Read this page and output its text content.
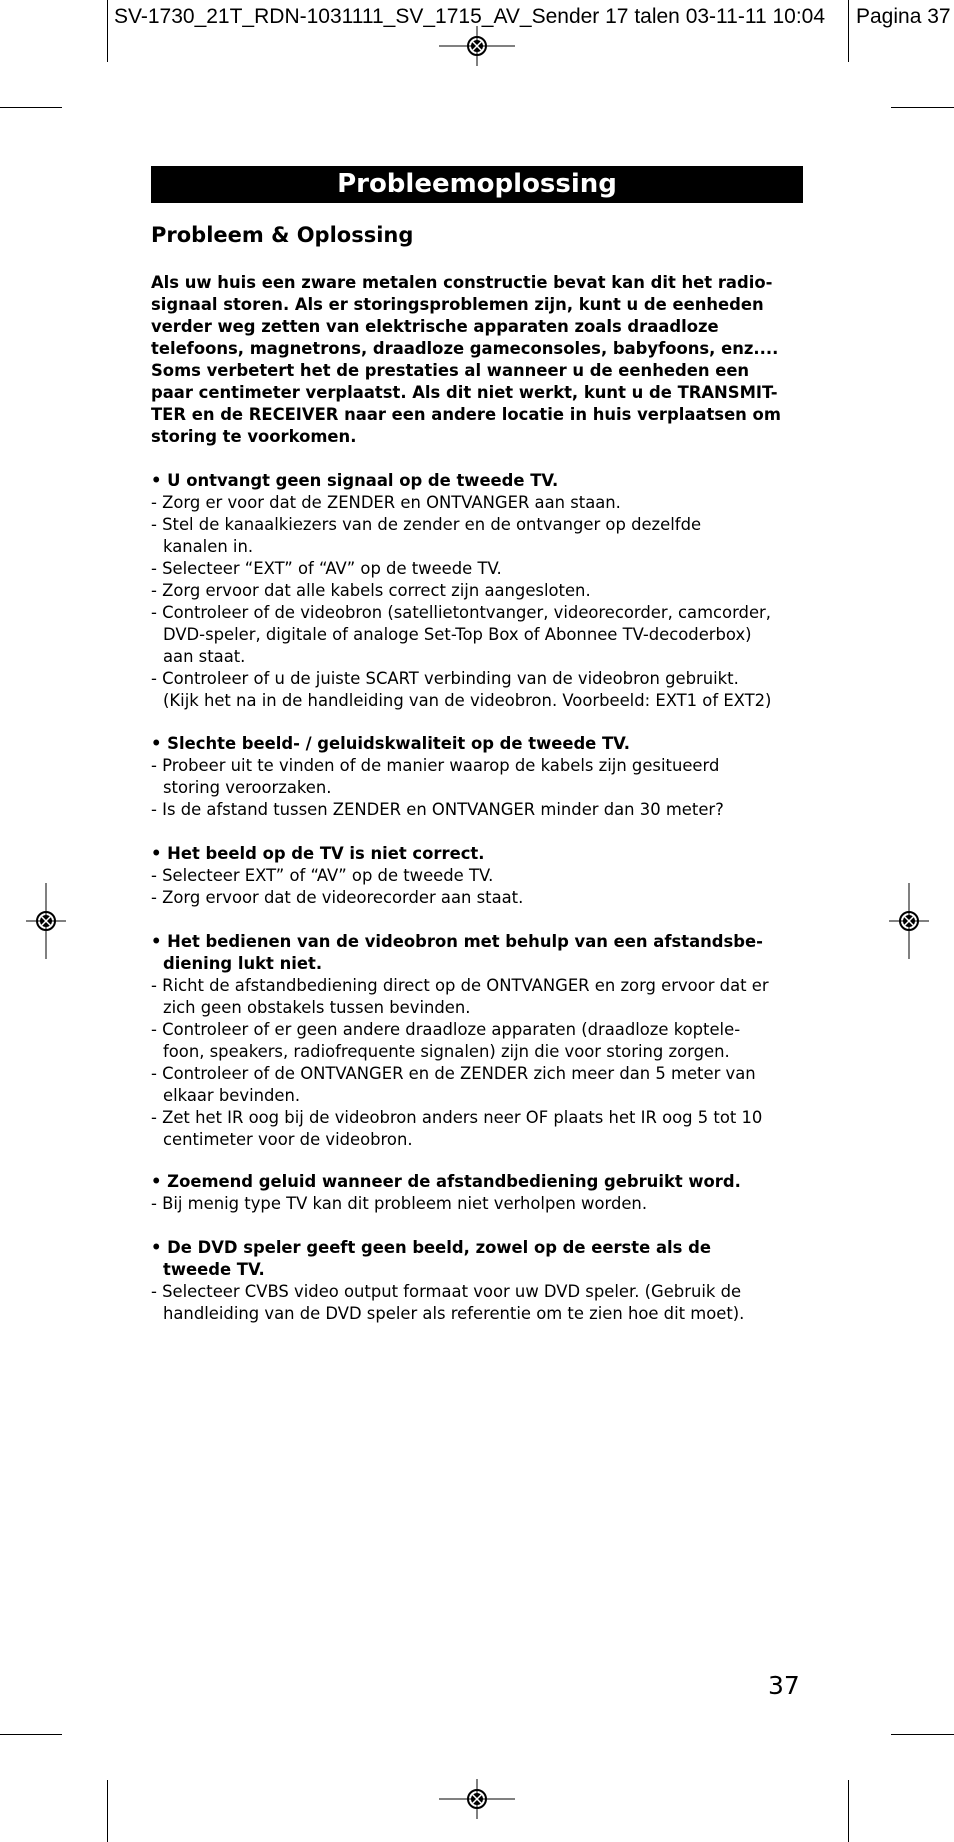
SV-1730_21T_RDN-1031111_SV_1715_AV_Sender 17 talen 03-11-11 10:04 Pagina 37
Probleemoplossing
Probleem & Oplossing
Als uw huis een zware metalen constructie bevat kan dit het radio-
signaal storen. Als er storingsproblemen zijn, kunt u de eenheden
verder weg zetten van elektrische apparaten zoals draadloze
telefoons, magnetrons, draadloze gameconsoles, babyfoons, enz....
Soms verbetert het de prestaties al wanneer u de eenheden een
paar centimeter verplaatst. Als dit niet werkt, kunt u de TRANSMIT-
TER en de RECEIVER naar een andere locatie in huis verplaatsen om
storing te voorkomen.
• U ontvangt geen signaal op de tweede TV.
- Zorg er voor dat de ZENDER en ONTVANGER aan staan.
- Stel de kanaalkiezers van de zender en de ontvanger op dezelfde
kanalen in.
- Selecteer “EXT” of “AV” op de tweede TV.
- Zorg ervoor dat alle kabels correct zijn aangesloten.
- Controleer of de videobron (satellietontvanger, videorecorder, camcorder,
DVD-speler, digitale of analoge Set-Top Box of Abonnee TV-decoderbox)
aan staat.
- Controleer of u de juiste SCART verbinding van de videobron gebruikt.
(Kijk het na in de handleiding van de videobron. Voorbeeld: EXT1 of EXT2)
• Slechte beeld- / geluidskwaliteit op de tweede TV.
- Probeer uit te vinden of de manier waarop de kabels zijn gesitueerd
storing veroorzaken.
- Is de afstand tussen ZENDER en ONTVANGER minder dan 30 meter?
• Het beeld op de TV is niet correct.
- Selecteer EXT” of “AV” op de tweede TV.
- Zorg ervoor dat de videorecorder aan staat.
• Het bedienen van de videobron met behulp van een afstandsbe-
diening lukt niet.
- Richt de afstandbediening direct op de ONTVANGER en zorg ervoor dat er
zich geen obstakels tussen bevinden.
- Controleer of er geen andere draadloze apparaten (draadloze koptele-
foon, speakers, radiofrequente signalen) zijn die voor storing zorgen.
- Controleer of de ONTVANGER en de ZENDER zich meer dan 5 meter van
elkaar bevinden.
- Zet het IR oog bij de videobron anders neer OF plaats het IR oog 5 tot 10
centimeter voor de videobron.
• Zoemend geluid wanneer de afstandbediening gebruikt word.
- Bij menig type TV kan dit probleem niet verholpen worden.
• De DVD speler geeft geen beeld, zowel op de eerste als de
tweede TV.
- Selecteer CVBS video output formaat voor uw DVD speler. (Gebruik de
handleiding van de DVD speler als referentie om te zien hoe dit moet).
37
